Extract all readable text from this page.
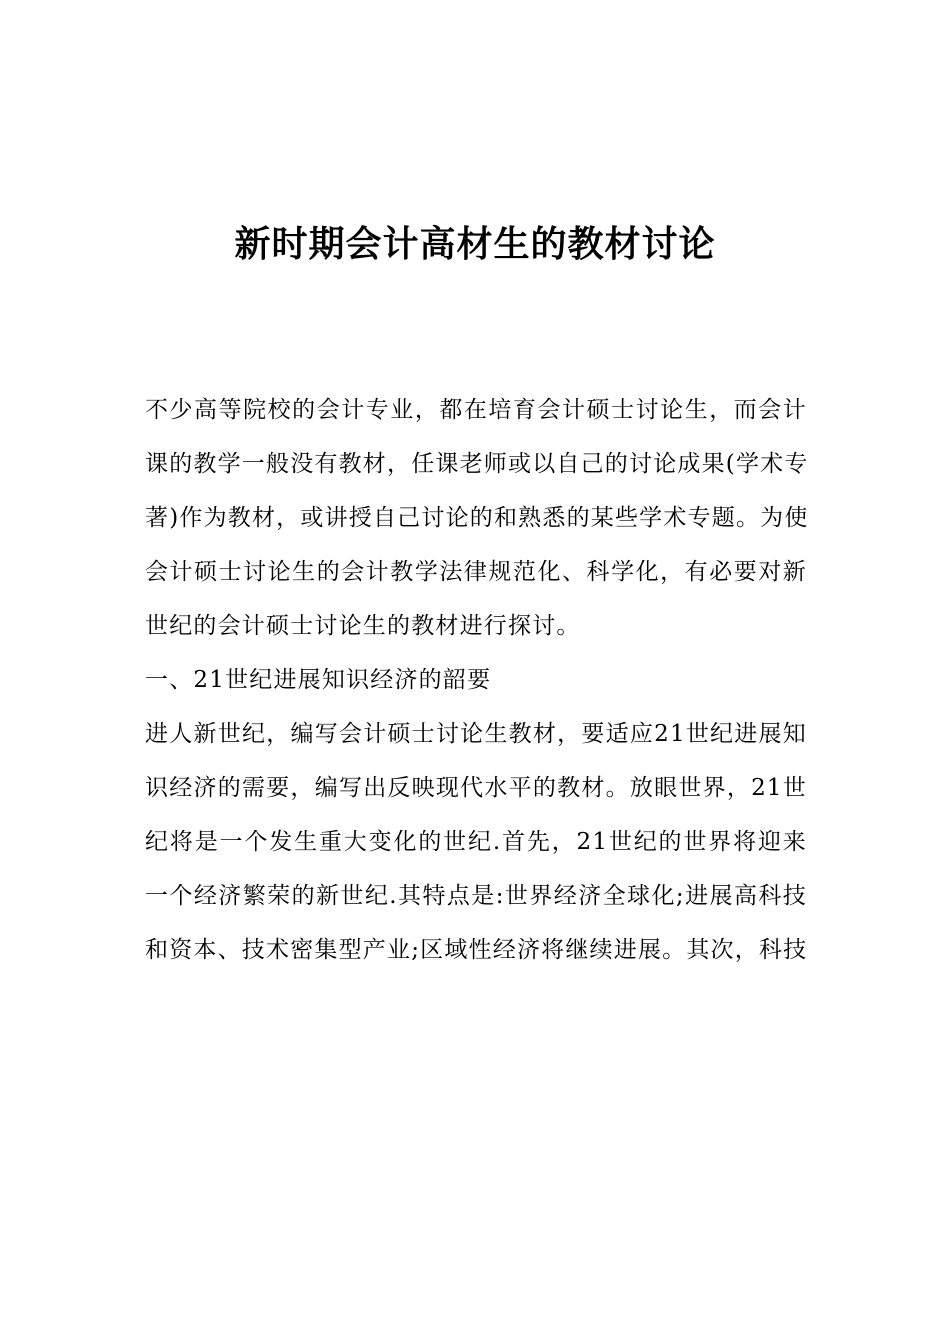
新时期会计高材生的教材讨论
不少高等院校的会计专业，都在培育会计硕士讨论生，而会计
课的教学一般没有教材，任课老师或以自己的讨论成果(学术专
著)作为教材，或讲授自己讨论的和熟悉的某些学术专题。为使
会计硕士讨论生的会计教学法律规范化、科学化，有必要对新
世纪的会计硕士讨论生的教材进行探讨。
一、21世纪进展知识经济的韶要
进人新世纪，编写会计硕士讨论生教材，要适应21世纪进展知
识经济的需要，编写出反映现代水平的教材。放眼世界，21世
纪将是一个发生重大变化的世纪.首先，21世纪的世界将迎来
一个经济繁荣的新世纪.其特点是:世界经济全球化;进展高科技
和资本、技术密集型产业;区域性经济将继续进展。其次，科技
